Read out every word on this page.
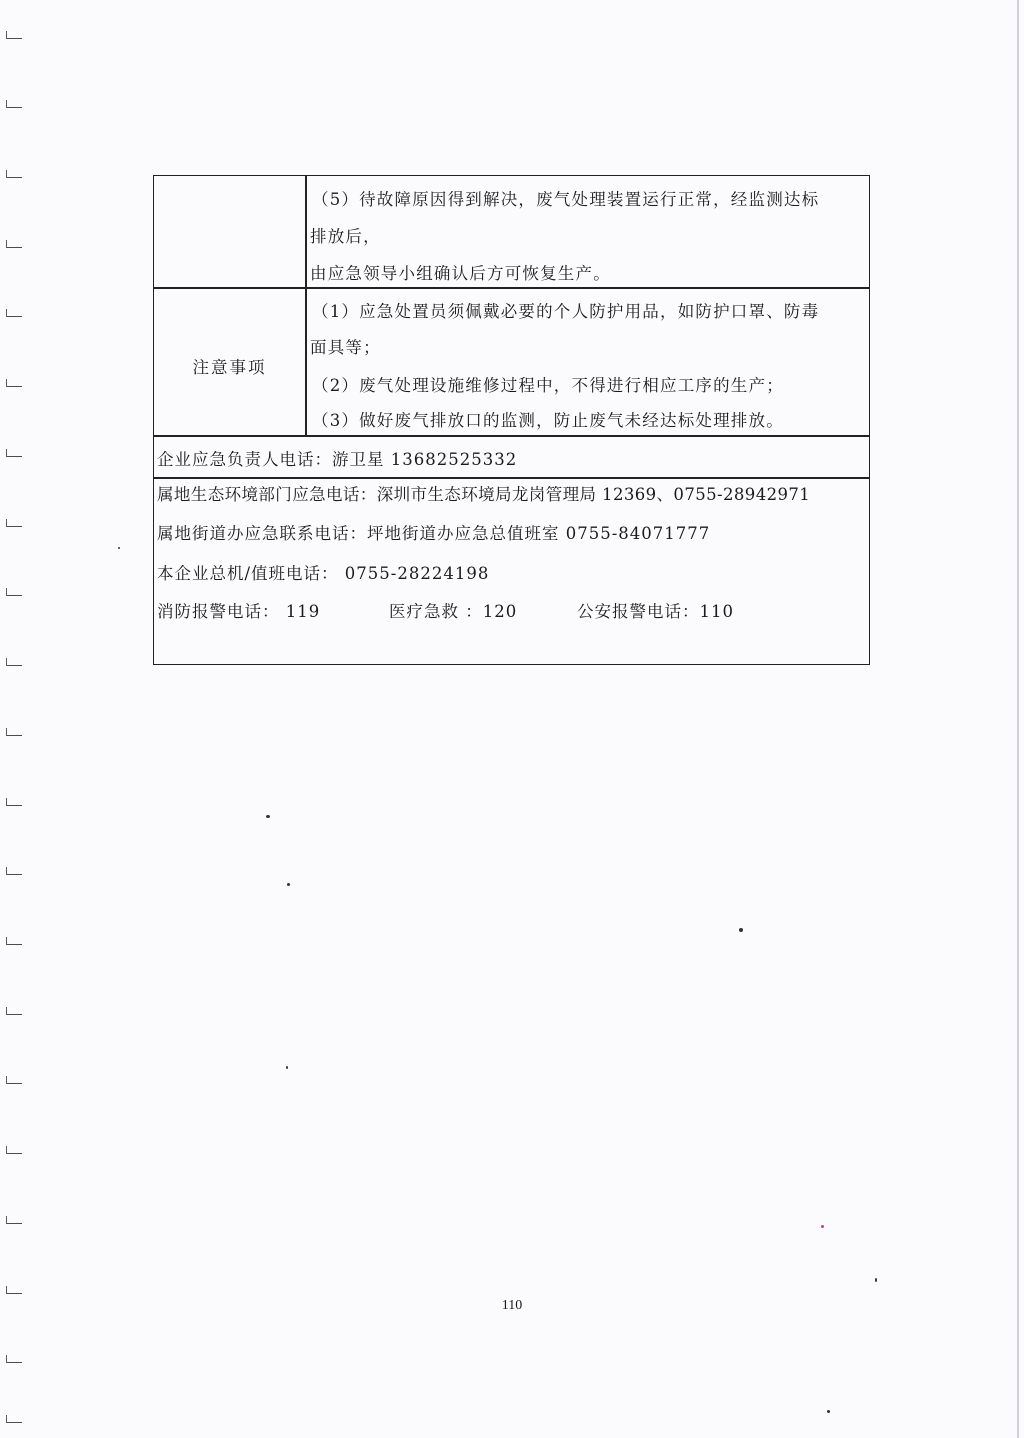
（5）待故障原因得到解决，废气处理装置运行正常，经监测达标
排放后，
由应急领导小组确认后方可恢复生产。
注意事项
（1）应急处置员须佩戴必要的个人防护用品，如防护口罩、防毒
面具等；
（2）废气处理设施维修过程中，不得进行相应工序的生产；
（3）做好废气排放口的监测，防止废气未经达标处理排放。
企业应急负责人电话：游卫星 13682525332
属地生态环境部门应急电话：深圳市生态环境局龙岗管理局 12369、0755-28942971
属地街道办应急联系电话：坪地街道办应急总值班室 0755-84071777
本企业总机/值班电话： 0755-28224198
消防报警电话： 119	医疗急救 ：120	公安报警电话：110
110
